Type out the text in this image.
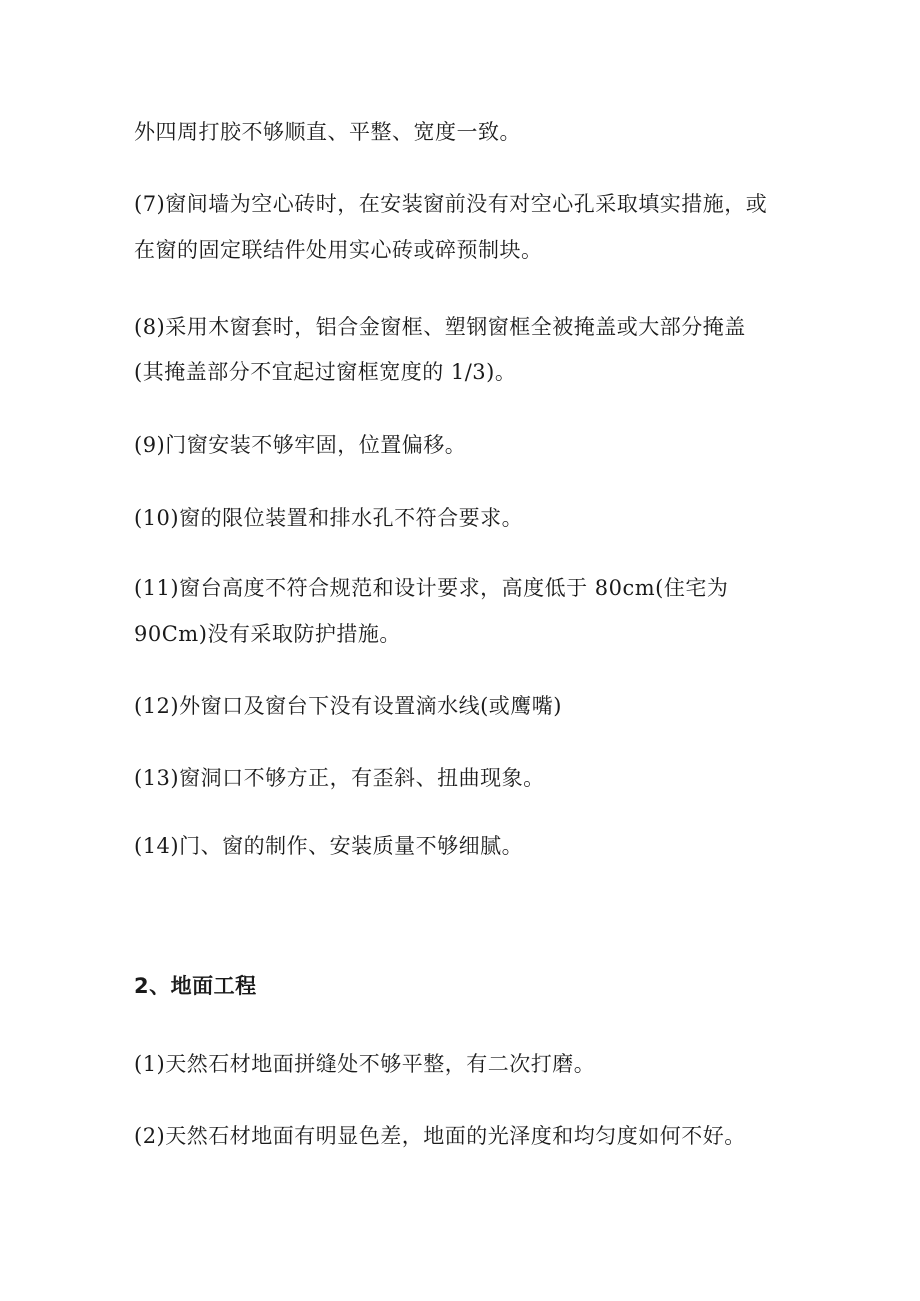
外四周打胶不够顺直、平整、宽度一致。
(7)窗间墙为空心砖时，在安装窗前没有对空心孔采取填实措施，或
在窗的固定联结件处用实心砖或碎预制块。
(8)采用木窗套时，铝合金窗框、塑钢窗框全被掩盖或大部分掩盖
(其掩盖部分不宜起过窗框宽度的 1/3)。
(9)门窗安装不够牢固，位置偏移。
(10)窗的限位装置和排水孔不符合要求。
(11)窗台高度不符合规范和设计要求，高度低于 80cm(住宅为
90Cm)没有采取防护措施。
(12)外窗口及窗台下没有设置滴水线(或鹰嘴)
(13)窗洞口不够方正，有歪斜、扭曲现象。
(14)门、窗的制作、安装质量不够细腻。
2、地面工程
(1)天然石材地面拼缝处不够平整，有二次打磨。
(2)天然石材地面有明显色差，地面的光泽度和均匀度如何不好。
